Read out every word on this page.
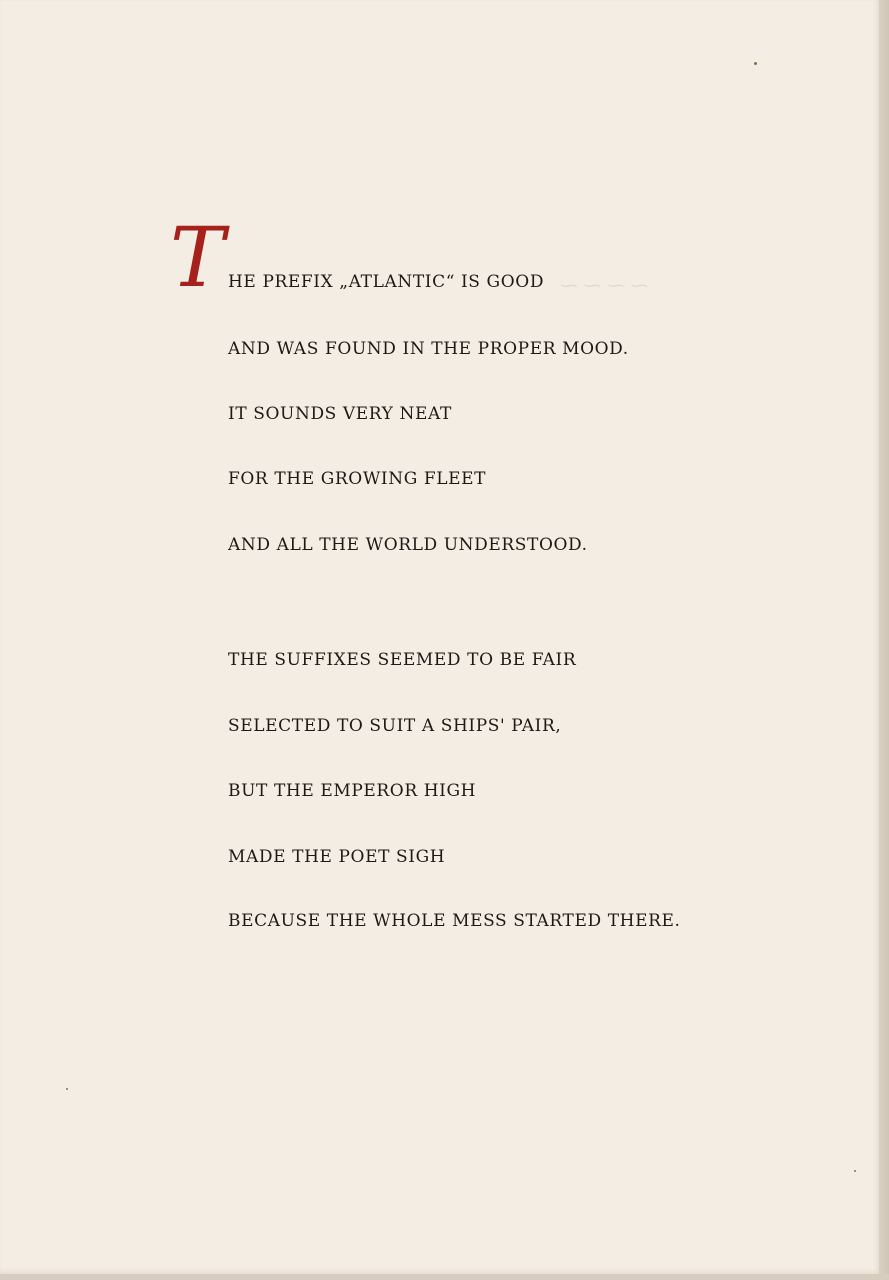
⁓ ⁓ ⁓ ⁓
T HE PREFIX „ATLANTIC“ IS GOOD

AND WAS FOUND IN THE PROPER MOOD.

IT SOUNDS VERY NEAT

FOR THE GROWING FLEET

AND ALL THE WORLD UNDERSTOOD.

THE SUFFIXES SEEMED TO BE FAIR

SELECTED TO SUIT A SHIPS' PAIR,

BUT THE EMPEROR HIGH

MADE THE POET SIGH

BECAUSE THE WHOLE MESS STARTED THERE.
